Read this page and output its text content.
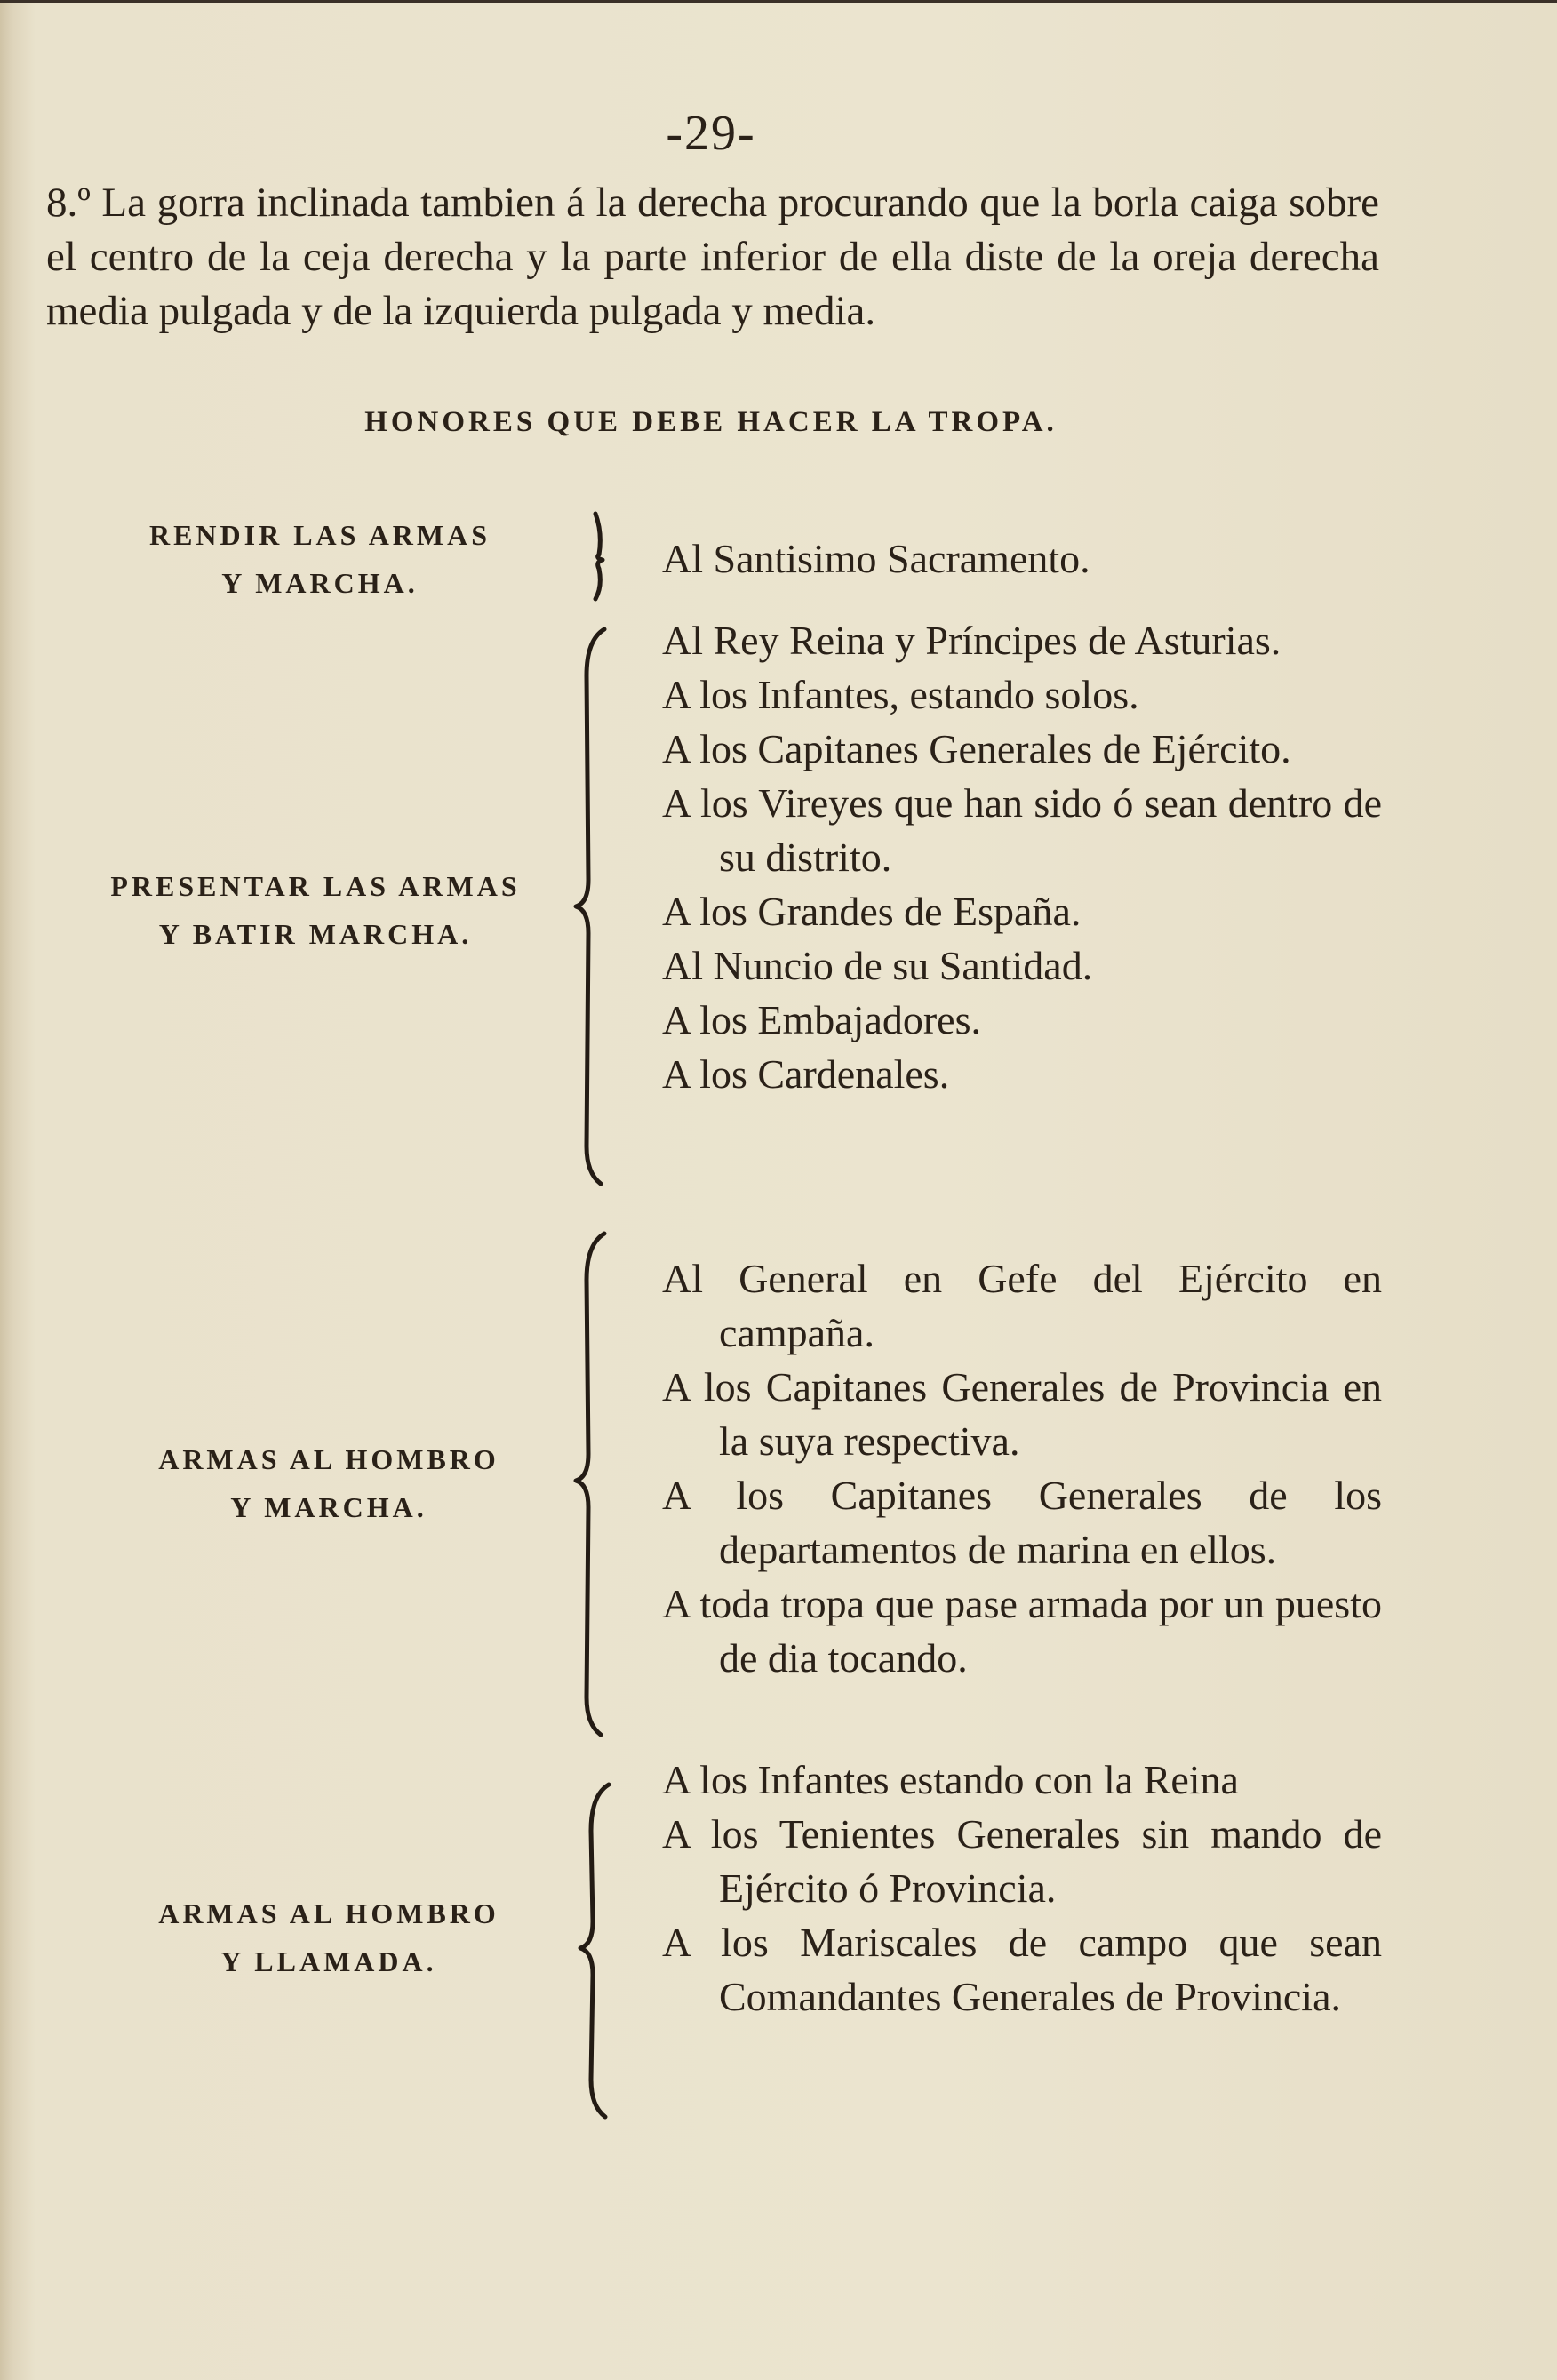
-29-
8.º La gorra inclinada tambien á la derecha procurando que la borla caiga sobre el centro de la ceja derecha y la parte inferior de ella diste de la oreja derecha media pulgada y de la izquierda pulgada y media.
HONORES QUE DEBE HACER LA TROPA.
RENDIR LAS ARMAS
Y MARCHA.
Al Santisimo Sacramento.
PRESENTAR LAS ARMAS
Y BATIR MARCHA.
Al Rey Reina y Príncipes de Asturias.
A los Infantes, estando solos.
A los Capitanes Generales de Ejército.
A los Vireyes que han sido ó sean dentro de su distrito.
A los Grandes de España.
Al Nuncio de su Santidad.
A los Embajadores.
A los Cardenales.
ARMAS AL HOMBRO
Y MARCHA.
Al General en Gefe del Ejército en campaña.
A los Capitanes Generales de Provincia en la suya respectiva.
A los Capitanes Generales de los departamentos de marina en ellos.
A toda tropa que pase armada por un puesto de dia tocando.
ARMAS AL HOMBRO
Y LLAMADA.
A los Infantes estando con la Reina
A los Tenientes Generales sin mando de Ejército ó Provincia.
A los Mariscales de campo que sean Comandantes Generales de Provincia.
